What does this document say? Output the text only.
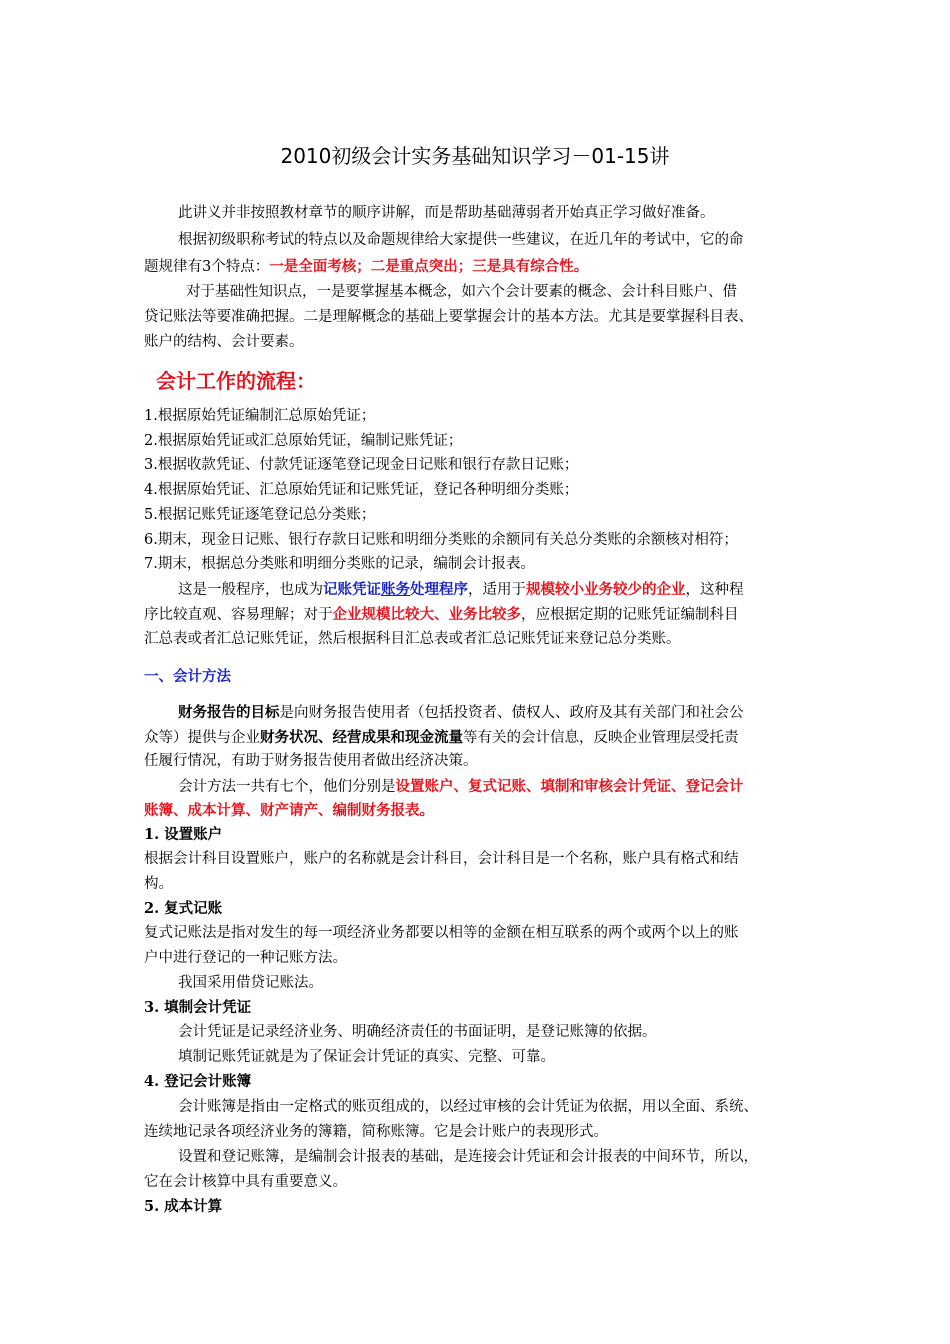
2010初级会计实务基础知识学习－01-15讲

此讲义并非按照教材章节的顺序讲解，而是帮助基础薄弱者开始真正学习做好准备。

根据初级职称考试的特点以及命题规律给大家提供一些建议，在近几年的考试中，它的命

题规律有3个特点：一是全面考核；二是重点突出；三是具有综合性。

对于基础性知识点，一是要掌握基本概念，如六个会计要素的概念、会计科目账户、借

贷记账法等要准确把握。二是理解概念的基础上要掌握会计的基本方法。尤其是要掌握科目表、

账户的结构、会计要素。

会计工作的流程：

1.根据原始凭证编制汇总原始凭证；

2.根据原始凭证或汇总原始凭证，编制记账凭证；

3.根据收款凭证、付款凭证逐笔登记现金日记账和银行存款日记账；

4.根据原始凭证、汇总原始凭证和记账凭证，登记各种明细分类账；

5.根据记账凭证逐笔登记总分类账；

6.期末，现金日记账、银行存款日记账和明细分类账的余额同有关总分类账的余额核对相符；

7.期末，根据总分类账和明细分类账的记录，编制会计报表。

这是一般程序，也成为记账凭证账务处理程序，适用于规模较小业务较少的企业，这种程

序比较直观、容易理解；对于企业规模比较大、业务比较多，应根据定期的记账凭证编制科目

汇总表或者汇总记账凭证，然后根据科目汇总表或者汇总记账凭证来登记总分类账。

一、会计方法

财务报告的目标是向财务报告使用者（包括投资者、债权人、政府及其有关部门和社会公

众等）提供与企业财务状况、经营成果和现金流量等有关的会计信息，反映企业管理层受托责

任履行情况，有助于财务报告使用者做出经济决策。

会计方法一共有七个，他们分别是设置账户、复式记账、填制和审核会计凭证、登记会计

账簿、成本计算、财产请产、编制财务报表。

1. 设置账户

根据会计科目设置账户，账户的名称就是会计科目，会计科目是一个名称，账户具有格式和结

构。

2. 复式记账

复式记账法是指对发生的每一项经济业务都要以相等的金额在相互联系的两个或两个以上的账

户中进行登记的一种记账方法。

我国采用借贷记账法。

3. 填制会计凭证

会计凭证是记录经济业务、明确经济责任的书面证明，是登记账簿的依据。

填制记账凭证就是为了保证会计凭证的真实、完整、可靠。

4. 登记会计账簿

会计账簿是指由一定格式的账页组成的，以经过审核的会计凭证为依据，用以全面、系统、

连续地记录各项经济业务的簿籍，简称账簿。它是会计账户的表现形式。

设置和登记账簿，是编制会计报表的基础，是连接会计凭证和会计报表的中间环节，所以，

它在会计核算中具有重要意义。

5. 成本计算
